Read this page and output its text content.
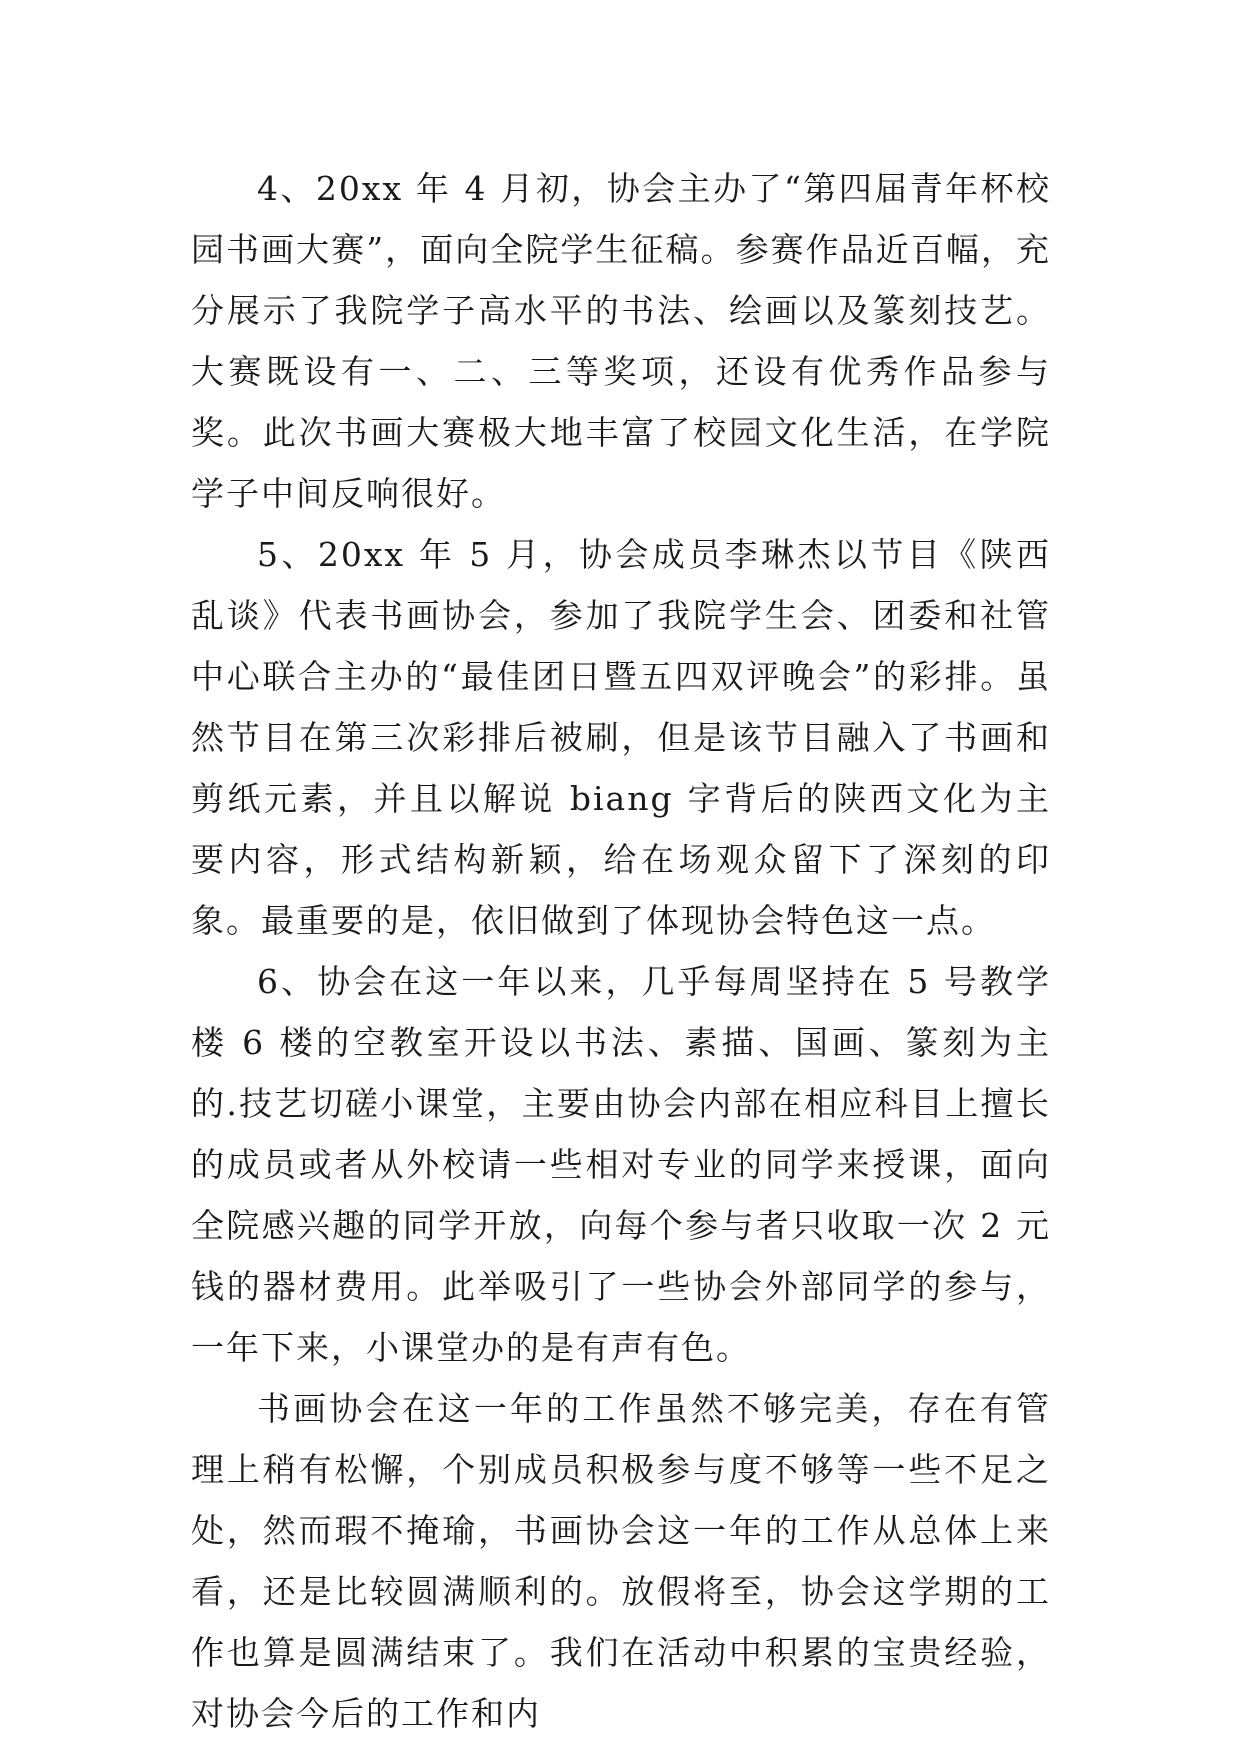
4、20xx 年 4 月初，协会主办了“第四届青年杯校园书画大赛”，面向全院学生征稿。参赛作品近百幅，充分展示了我院学子高水平的书法、绘画以及篆刻技艺。大赛既设有一、二、三等奖项，还设有优秀作品参与奖。此次书画大赛极大地丰富了校园文化生活，在学院学子中间反响很好。

5、20xx 年 5 月，协会成员李琳杰以节目《陕西乱谈》代表书画协会，参加了我院学生会、团委和社管中心联合主办的“最佳团日暨五四双评晚会”的彩排。虽然节目在第三次彩排后被刷，但是该节目融入了书画和剪纸元素，并且以解说 biang 字背后的陕西文化为主要内容，形式结构新颖，给在场观众留下了深刻的印象。最重要的是，依旧做到了体现协会特色这一点。

6、协会在这一年以来，几乎每周坚持在 5 号教学楼 6 楼的空教室开设以书法、素描、国画、篆刻为主的.技艺切磋小课堂，主要由协会内部在相应科目上擅长的成员或者从外校请一些相对专业的同学来授课，面向全院感兴趣的同学开放，向每个参与者只收取一次 2 元钱的器材费用。此举吸引了一些协会外部同学的参与，一年下来，小课堂办的是有声有色。

书画协会在这一年的工作虽然不够完美，存在有管理上稍有松懈，个别成员积极参与度不够等一些不足之处，然而瑕不掩瑜，书画协会这一年的工作从总体上来看，还是比较圆满顺利的。放假将至，协会这学期的工作也算是圆满结束了。我们在活动中积累的宝贵经验，对协会今后的工作和内
